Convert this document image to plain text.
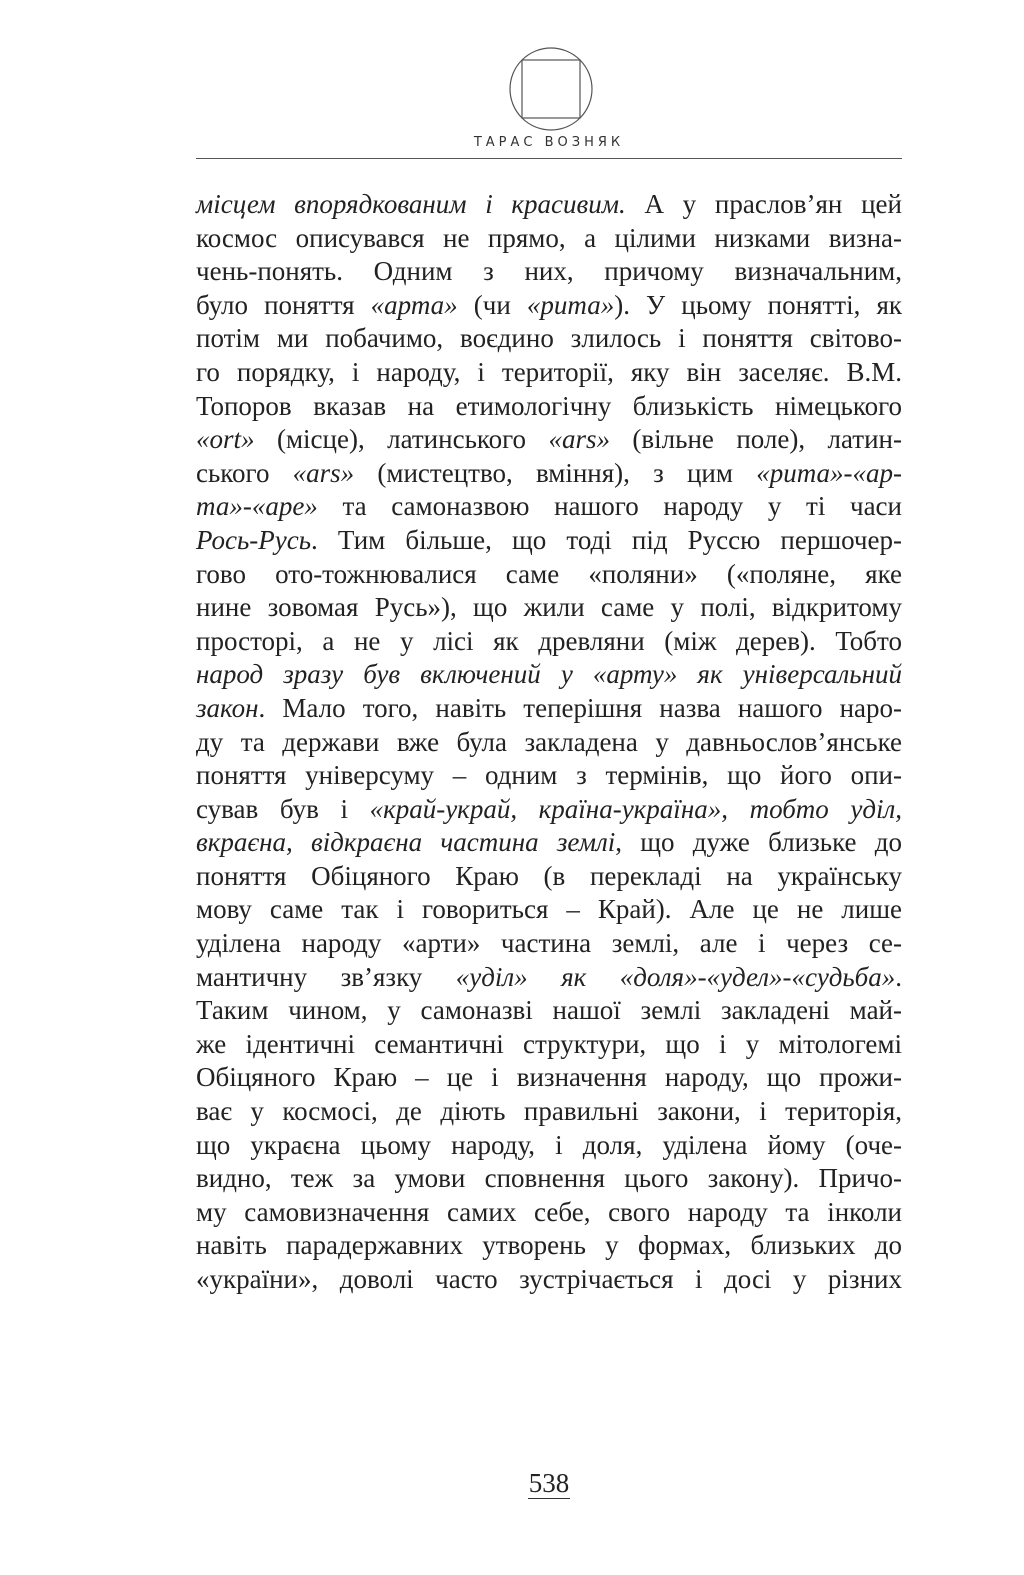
ТАРАС ВОЗНЯК
місцем впорядкованим і красивим. А у праслов’ян цей
космос описувався не прямо, а цілими низками визна-
чень-понять. Одним з них, причому визначальним,
було поняття «арта» (чи «рита»). У цьому понятті, як
потім ми побачимо, воєдино злилось і поняття світово-
го порядку, і народу, і території, яку він заселяє. В.М.
Топоров вказав на етимологічну близькість німецького
«ort» (місце), латинського «ars» (вільне поле), латин-
ського «ars» (мистецтво, вміння), з цим «рита»-«ар-
та»-«аре» та самоназвою нашого народу у ті часи
Рось-Русь. Тим більше, що тоді під Руссю першочер-
гово ото-тожнювалися саме «поляни» («поляне, яке
нине зовомая Русь»), що жили саме у полі, відкритому
просторі, а не у лісі як древляни (між дерев). Тобто
народ зразу був включений у «арту» як універсальний
закон. Мало того, навіть теперішня назва нашого наро-
ду та держави вже була закладена у давньослов’янське
поняття універсуму – одним з термінів, що його опи-
сував був і «край-украй, країна-україна», тобто уділ,
вкраєна, відкраєна частина землі, що дуже близьке до
поняття Обіцяного Краю (в перекладі на українську
мову саме так і говориться – Край). Але це не лише
уділена народу «арти» частина землі, але і через се-
мантичну зв’язку «уділ» як «доля»-«удел»-«судьба».
Таким чином, у самоназві нашої землі закладені май-
же ідентичні семантичні структури, що і у мітологемі
Обіцяного Краю – це і визначення народу, що прожи-
ває у космосі, де діють правильні закони, і територія,
що украєна цьому народу, і доля, уділена йому (оче-
видно, теж за умови сповнення цього закону). Причо-
му самовизначення самих себе, свого народу та інколи
навіть парадержавних утворень у формах, близьких до
«україни», доволі часто зустрічається і досі у різних
538
